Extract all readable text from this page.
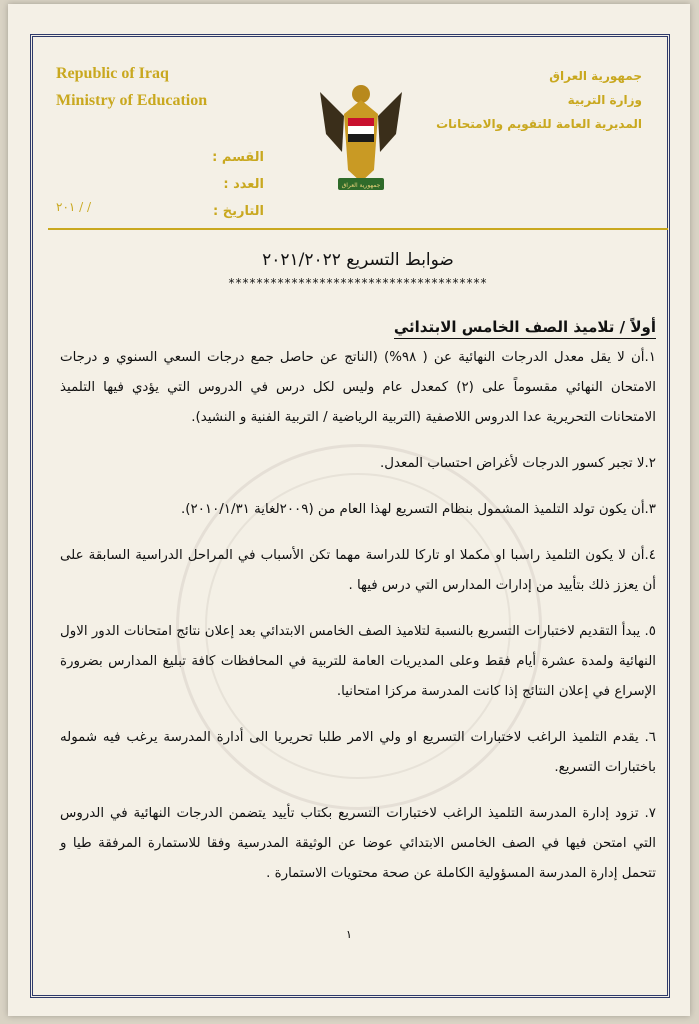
Republic of Iraq
Ministry of Education
جمهورية العراق
وزارة التربية
المديرية العامة للتقويم والامتحانات
القسم :
العدد :
التاريخ :
٢٠١ / /
جمهورية العراق
ضوابط التسريع ٢٠٢١/٢٠٢٢
*************************************
أولاً / تلاميذ الصف الخامس الابتدائي
١.أن لا يقل معدل الدرجات النهائية عن ( ٩٨%) (الناتج عن حاصل جمع درجات السعي السنوي و درجات الامتحان النهائي مقسوماً على (٢) كمعدل عام وليس لكل درس في الدروس التي يؤدي فيها التلميذ الامتحانات التحريرية عدا الدروس اللاصفية (التربية الرياضية / التربية الفنية و النشيد).
٢.لا تجبر كسور الدرجات لأغراض احتساب المعدل.
٣.أن يكون تولد التلميذ المشمول بنظام التسريع لهذا العام من (٢٠٠٩لغاية ٢٠١٠/١/٣١).
٤.أن لا يكون التلميذ راسبا او مكملا او تاركا للدراسة مهما تكن الأسباب في المراحل الدراسية السابقة على أن يعزز ذلك بتأييد من إدارات المدارس التي درس فيها .
٥. يبدأ التقديم لاختبارات التسريع بالنسبة لتلاميذ الصف الخامس الابتدائي بعد إعلان نتائج امتحانات الدور الاول النهائية ولمدة عشرة أيام فقط وعلى المديريات العامة للتربية في المحافظات كافة تبليغ المدارس بضرورة الإسراع في إعلان النتائج إذا كانت المدرسة مركزا امتحانيا.
٦. يقدم التلميذ الراغب لاختبارات التسريع او ولي الامر طلبا تحريريا الى أدارة المدرسة يرغب فيه شموله باختبارات التسريع.
٧. تزود إدارة المدرسة التلميذ الراغب لاختبارات التسريع بكتاب تأييد يتضمن الدرجات النهائية في الدروس التي امتحن فيها في الصف الخامس الابتدائي عوضا عن الوثيقة المدرسية وفقا للاستمارة المرفقة طيا و تتحمل إدارة المدرسة المسؤولية الكاملة عن صحة محتويات الاستمارة .
١
